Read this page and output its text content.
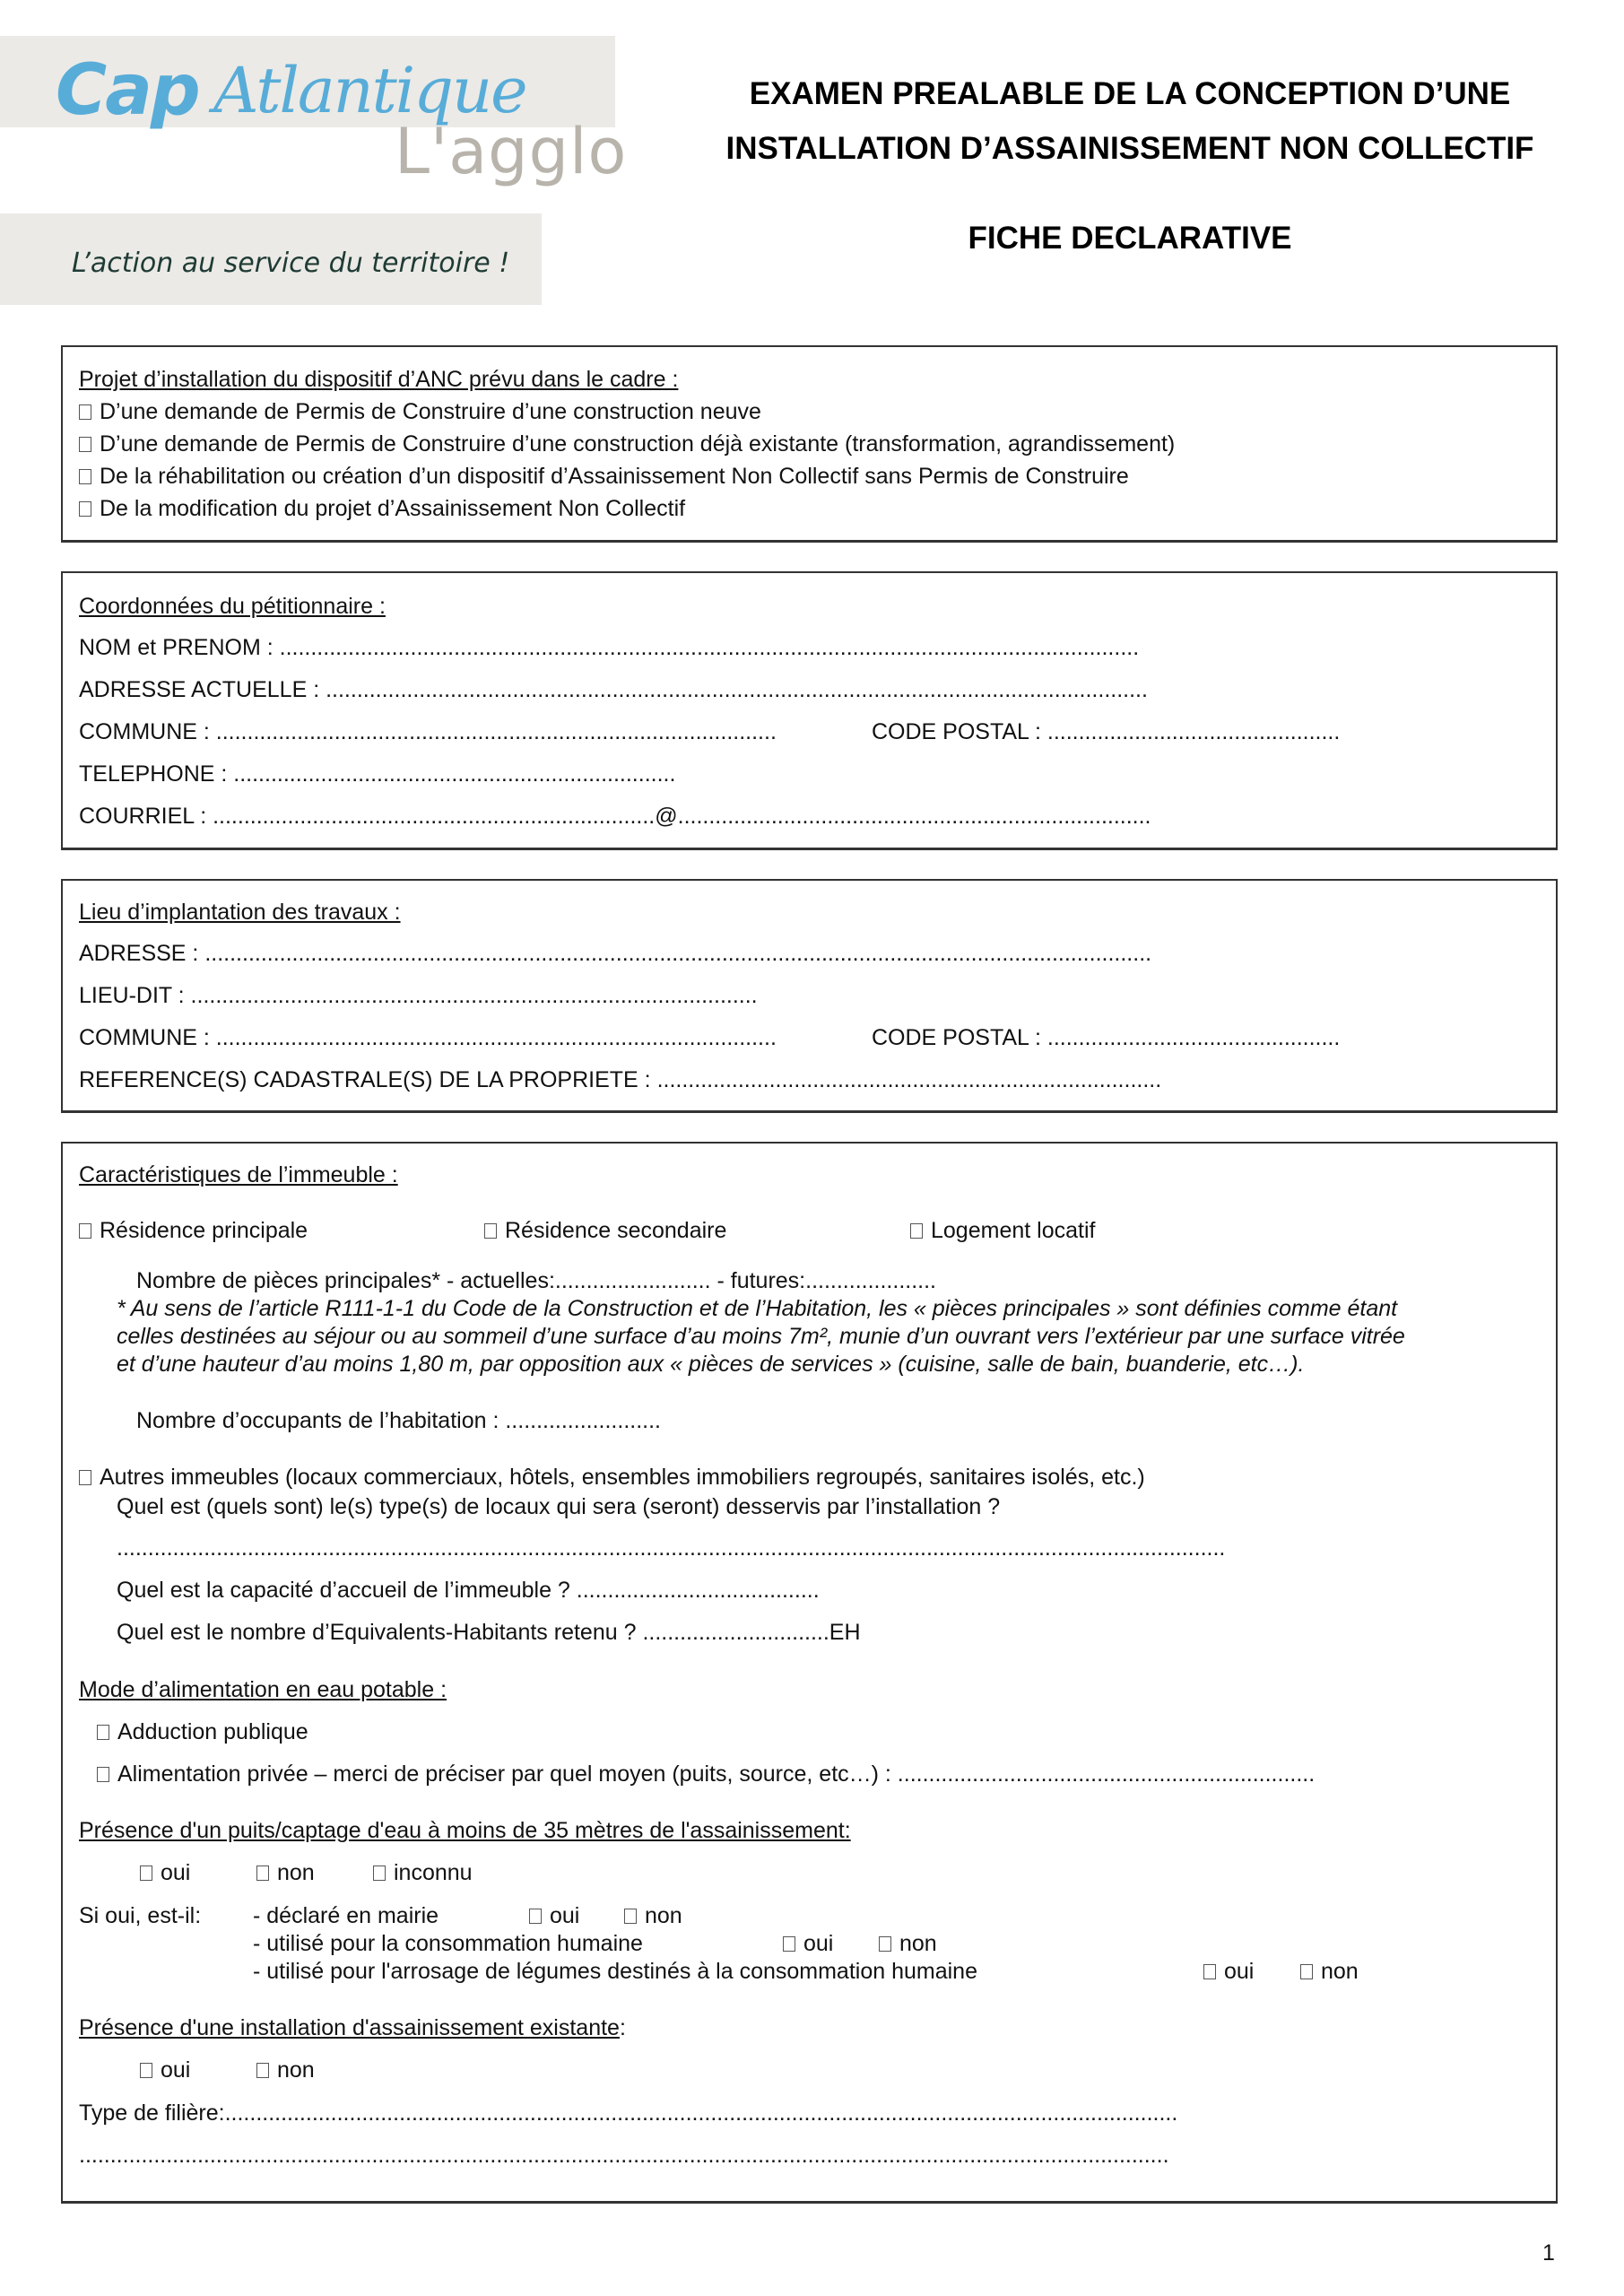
Cap Atlantique
L'agglo
L’action au service du territoire !
EXAMEN PREALABLE DE LA CONCEPTION D’UNE
INSTALLATION D’ASSAINISSEMENT NON COLLECTIF
FICHE DECLARATIVE
Projet d’installation du dispositif d’ANC prévu dans le cadre :
D’une demande de Permis de Construire d’une construction neuve
D’une demande de Permis de Construire d’une construction déjà existante (transformation, agrandissement)
De la réhabilitation ou création d’un dispositif d’Assainissement Non Collectif sans Permis de Construire
De la modification du projet d’Assainissement Non Collectif
Coordonnées du pétitionnaire :
NOM et PRENOM : ..........................................................................................................................................
ADRESSE ACTUELLE : ....................................................................................................................................
COMMUNE : ..........................................................................................	CODE POSTAL : ...............................................
TELEPHONE : .......................................................................
COURRIEL : .......................................................................@............................................................................
Lieu d’implantation des travaux :
ADRESSE : ........................................................................................................................................................
LIEU-DIT : ...........................................................................................
COMMUNE : ..........................................................................................	CODE POSTAL : ...............................................
REFERENCE(S) CADASTRALE(S) DE LA PROPRIETE : .................................................................................
Caractéristiques de l’immeuble :
Résidence principale	Résidence secondaire	Logement locatif
Nombre de pièces principales* - actuelles:......................... - futures:.....................
* Au sens de l’article R111-1-1 du Code de la Construction et de l’Habitation, les « pièces principales » sont définies comme étant
celles destinées au séjour ou au sommeil d’une surface d’au moins 7m², munie d’un ouvrant vers l’extérieur par une surface vitrée
et d’une hauteur d’au moins 1,80 m, par opposition aux « pièces de services » (cuisine, salle de bain, buanderie, etc…).
Nombre d’occupants de l’habitation : .........................
Autres immeubles (locaux commerciaux, hôtels, ensembles immobiliers regroupés, sanitaires isolés, etc.)
Quel est (quels sont) le(s) type(s) de locaux qui sera (seront) desservis par l’installation ?
..................................................................................................................................................................................
Quel est la capacité d’accueil de l’immeuble ? .......................................
Quel est le nombre d’Equivalents-Habitants retenu ? ..............................EH
Mode d’alimentation en eau potable :
Adduction publique
Alimentation privée – merci de préciser par quel moyen (puits, source, etc…) : ...................................................................
Présence d'un puits/captage d'eau à moins de 35 mètres de l'assainissement:
oui	non	inconnu
Si oui, est-il: - déclaré en mairie	oui	non
- utilisé pour la consommation humaine	oui	non
- utilisé pour l'arrosage de légumes destinés à la consommation humaine	oui	non
Présence d'une installation d'assainissement existante:
oui	non
Type de filière:.........................................................................................................................................................
...............................................................................................................................................................................
1
